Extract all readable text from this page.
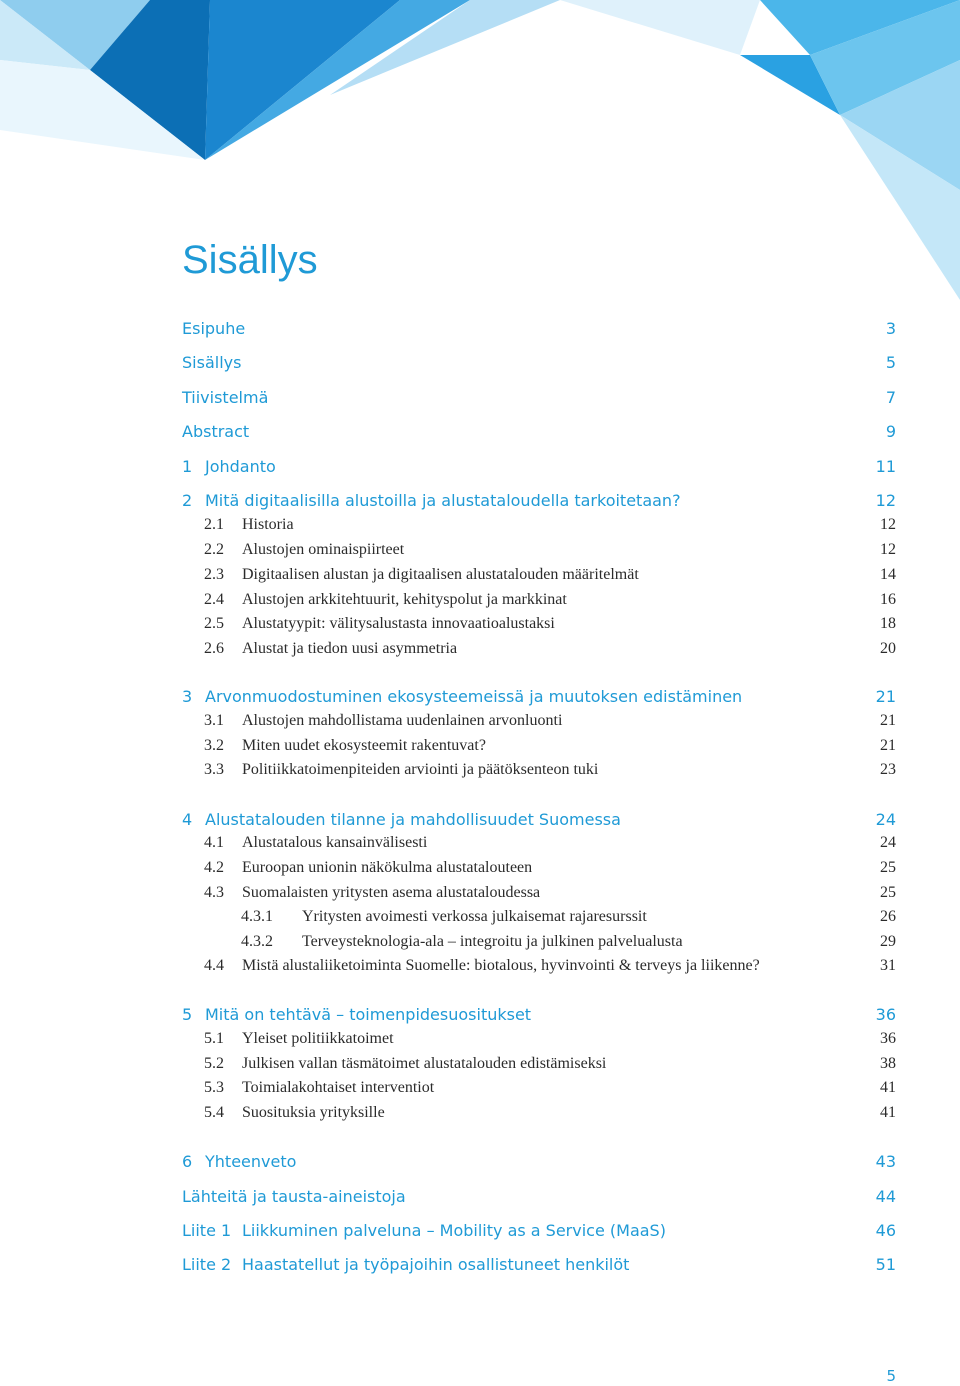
Sisällys
Esipuhe	3
Sisällys	5
Tiivistelmä	7
Abstract	9
1 Johdanto	11
2 Mitä digitaalisilla alustoilla ja alustataloudella tarkoitetaan?	12
2.1 Historia	12
2.2 Alustojen ominaispiirteet	12
2.3 Digitaalisen alustan ja digitaalisen alustatalouden määritelmät	14
2.4 Alustojen arkkitehtuurit, kehityspolut ja markkinat	16
2.5 Alustatyypit: välitysalustasta innovaatioalustaksi	18
2.6 Alustat ja tiedon uusi asymmetria	20
3 Arvonmuodostuminen ekosysteemeissä ja muutoksen edistäminen	21
3.1 Alustojen mahdollistama uudenlainen arvonluonti	21
3.2 Miten uudet ekosysteemit rakentuvat?	21
3.3 Politiikkatoimenpiteiden arviointi ja päätöksenteon tuki	23
4 Alustatalouden tilanne ja mahdollisuudet Suomessa	24
4.1 Alustatalous kansainvälisesti	24
4.2 Euroopan unionin näkökulma alustatalouteen	25
4.3 Suomalaisten yritysten asema alustataloudessa	25
4.3.1 Yritysten avoimesti verkossa julkaisemat rajaresurssit	26
4.3.2 Terveysteknologia-ala – integroitu ja julkinen palvelualusta	29
4.4 Mistä alustaliiketoiminta Suomelle: biotalous, hyvinvointi & terveys ja liikenne?	31
5 Mitä on tehtävä – toimenpidesuositukset	36
5.1 Yleiset politiikkatoimet	36
5.2 Julkisen vallan täsmätoimet alustatalouden edistämiseksi	38
5.3 Toimialakohtaiset interventiot	41
5.4 Suosituksia yrityksille	41
6 Yhteenveto	43
Lähteitä ja tausta-aineistoja	44
Liite 1 Liikkuminen palveluna – Mobility as a Service (MaaS)	46
Liite 2 Haastatellut ja työpajoihin osallistuneet henkilöt	51
5
